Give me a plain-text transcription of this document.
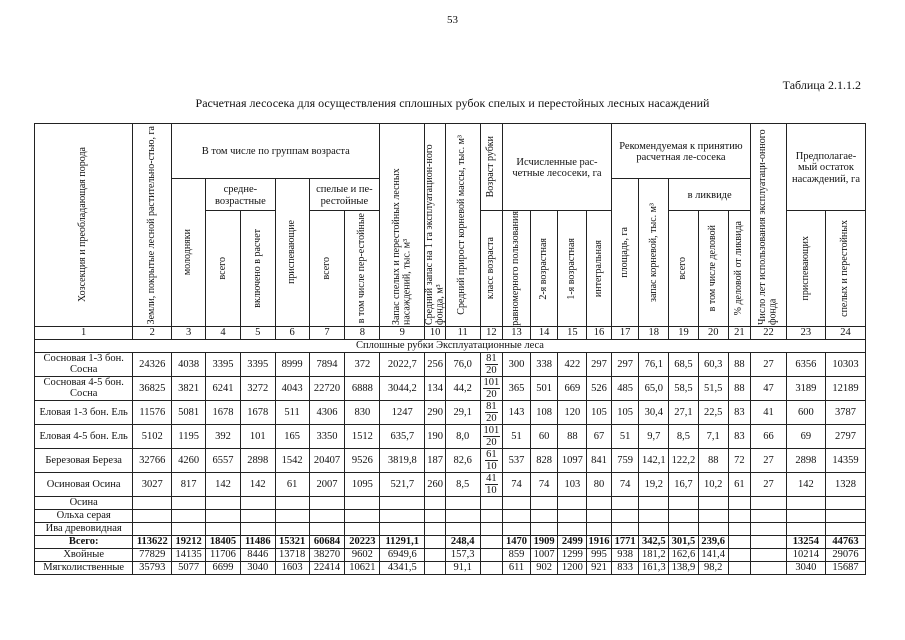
53
Таблица 2.1.1.2
Расчетная лесосека для осуществления сплошных рубок спелых и перестойных лесных насаждений
Хозсекция и преобладающая порода	Земли, покрытые лесной растительно-стью, га	В том числе по группам возраста						Запас спелых и перестойных лесных насаждений, тыс. м³	Средний запас на 1 га эксплуатацион-ного фонда, м³	Средний прирост корневой массы, тыс. м³	Возраст рубки	Исчисленные рас-четные лесосеки, га				Рекомендуемая к принятию расчетная ле-сосека					Число лет использования эксплуатаци-онного фонда	Предполагае-мый остаток насаждений, га	

		молодняки	средне-возрастные		приспевающие	спелые и пе-рестойные										площадь, га	запас корневой, тыс. м³	в ликвиде					

			всего	включено в расчет		всего	в том числе пер-естойные				класс возраста	равномерного пользования	2-я возрастная	1-я возрастная	интегральная			всего	в том числе деловой	% деловой от ликвида		приспевающих	спелых и перестойных

1	2	3	4	5	6	7	8	9	10	11	12	13	14	15	16	17	18	19	20	21	22	23	24
Сплошные рубки Эксплуатационные леса																							
Сосновая 1-3 бон. Сосна	24326	4038	3395	3395	8999	7894	372	2022,7	256	76,0	$\frac{81}{20}$	300	338	422	297	297	76,1	68,5	60,3	88	27	6356	10303
Сосновая 4-5 бон. Сосна	36825	3821	6241	3272	4043	22720	6888	3044,2	134	44,2	$\frac{101}{20}$	365	501	669	526	485	65,0	58,5	51,5	88	47	3189	12189
Еловая 1-3 бон. Ель	11576	5081	1678	1678	511	4306	830	1247	290	29,1	$\frac{81}{20}$	143	108	120	105	105	30,4	27,1	22,5	83	41	600	3787
Еловая 4-5 бон. Ель	5102	1195	392	101	165	3350	1512	635,7	190	8,0	$\frac{101}{20}$	51	60	88	67	51	9,7	8,5	7,1	83	66	69	2797
Березовая Береза	32766	4260	6557	2898	1542	20407	9526	3819,8	187	82,6	$\frac{61}{10}$	537	828	1097	841	759	142,1	122,2	88	72	27	2898	14359
Осиновая Осина	3027	817	142	142	61	2007	1095	521,7	260	8,5	$\frac{41}{10}$	74	74	103	80	74	19,2	16,7	10,2	61	27	142	1328
Осина																							
Ольха серая																							
Ива древовидная																							
Всего:	113622	19212	18405	11486	15321	60684	20223	11291,1		248,4		1470	1909	2499	1916	1771	342,5	301,5	239,6			13254	44763
Хвойные	77829	14135	11706	8446	13718	38270	9602	6949,6		157,3		859	1007	1299	995	938	181,2	162,6	141,4			10214	29076
Мягколиственные	35793	5077	6699	3040	1603	22414	10621	4341,5		91,1		611	902	1200	921	833	161,3	138,9	98,2			3040	15687
